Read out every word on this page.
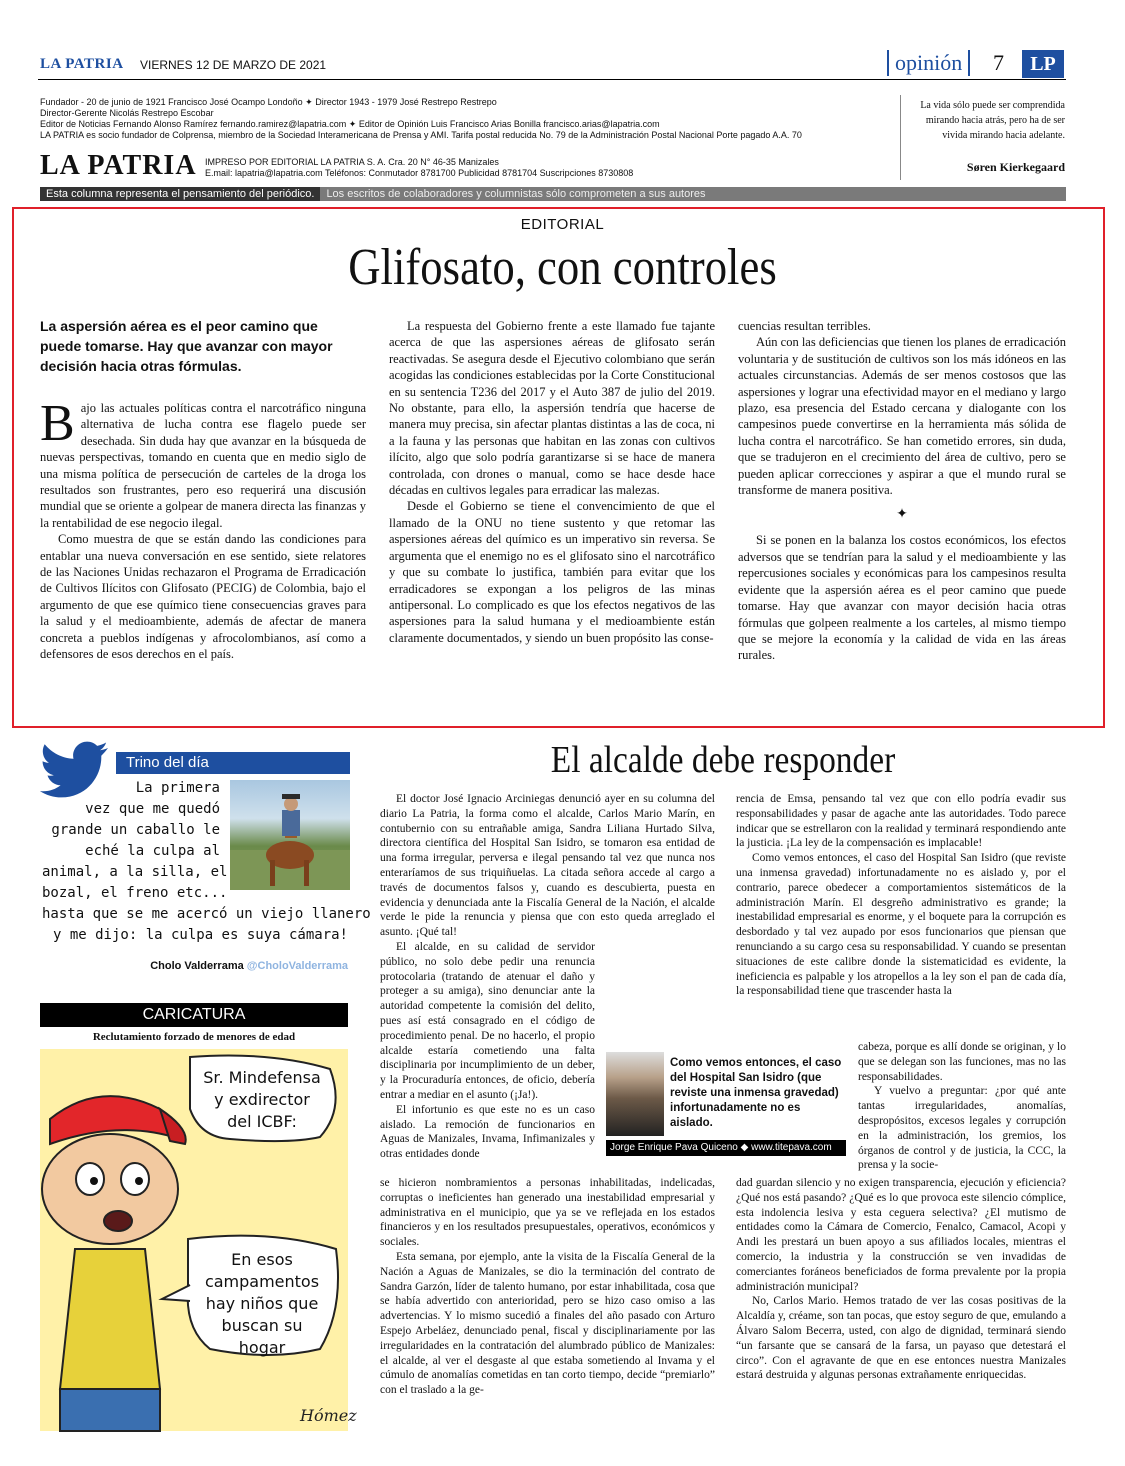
LA PATRIA VIERNES 12 DE MARZO DE 2021	opinión	7	LP
Fundador - 20 de junio de 1921 Francisco José Ocampo Londoño ✦ Director 1943 - 1979 José Restrepo Restrepo
Director-Gerente Nicolás Restrepo Escobar
Editor de Noticias Fernando Alonso Ramírez fernando.ramirez@lapatria.com ✦ Editor de Opinión Luis Francisco Arias Bonilla francisco.arias@lapatria.com
LA PATRIA es socio fundador de Colprensa, miembro de la Sociedad Interamericana de Prensa y AMI. Tarifa postal reducida No. 79 de la Administración Postal Nacional Porte pagado A.A. 70
LA PATRIA IMPRESO POR EDITORIAL LA PATRIA S. A. Cra. 20 N° 46-35 Manizales
E.mail: lapatria@lapatria.com Teléfonos: Conmutador 8781700 Publicidad 8781704 Suscripciones 8730808
La vida sólo puede ser comprendida mirando hacia atrás, pero ha de ser vivida mirando hacia adelante.
Søren Kierkegaard
Esta columna representa el pensamiento del periódico. Los escritos de colaboradores y columnistas sólo comprometen a sus autores
EDITORIAL
Glifosato, con controles
La aspersión aérea es el peor camino que puede tomarse. Hay que avanzar con mayor decisión hacia otras fórmulas.

Bajo las actuales políticas contra el narcotráfico ninguna alternativa de lucha contra ese flagelo puede ser desechada. Sin duda hay que avanzar en la búsqueda de nuevas perspectivas, tomando en cuenta que en medio siglo de una misma política de persecución de carteles de la droga los resultados son frustrantes, pero eso requerirá una discusión mundial que se oriente a golpear de manera directa las finanzas y la rentabilidad de ese negocio ilegal.

Como muestra de que se están dando las condiciones para entablar una nueva conversación en ese sentido, siete relatores de las Naciones Unidas rechazaron el Programa de Erradicación de Cultivos Ilícitos con Glifosato (PECIG) de Colombia, bajo el argumento de que ese químico tiene consecuencias graves para la salud y el medioambiente, además de afectar de manera concreta a pueblos indígenas y afrocolombianos, así como a defensores de esos derechos en el país.

La respuesta del Gobierno frente a este llamado fue tajante acerca de que las aspersiones aéreas de glifosato serán reactivadas. Se asegura desde el Ejecutivo colombiano que serán acogidas las condiciones establecidas por la Corte Constitucional en su sentencia T236 del 2017 y el Auto 387 de julio del 2019. No obstante, para ello, la aspersión tendría que hacerse de manera muy precisa, sin afectar plantas distintas a las de coca, ni a la fauna y las personas que habitan en las zonas con cultivos ilícito, algo que solo podría garantizarse si se hace de manera controlada, con drones o manual, como se hace desde hace décadas en cultivos legales para erradicar las malezas.

Desde el Gobierno se tiene el convencimiento de que el llamado de la ONU no tiene sustento y que retomar las aspersiones aéreas del químico es un imperativo sin reversa. Se argumenta que el enemigo no es el glifosato sino el narcotráfico y que su combate lo justifica, también para evitar que los erradicadores se expongan a los peligros de las minas antipersonal. Lo complicado es que los efectos negativos de las aspersiones para la salud humana y el medioambiente están claramente documentados, y siendo un buen propósito las conse-

cuencias resultan terribles.

Aún con las deficiencias que tienen los planes de erradicación voluntaria y de sustitución de cultivos son los más idóneos en las actuales circunstancias. Además de ser menos costosos que las aspersiones y lograr una efectividad mayor en el mediano y largo plazo, esa presencia del Estado cercana y dialogante con los campesinos puede convertirse en la herramienta más sólida de lucha contra el narcotráfico. Se han cometido errores, sin duda, que se tradujeron en el crecimiento del área de cultivo, pero se pueden aplicar correcciones y aspirar a que el mundo rural se transforme de manera positiva.

✦

Si se ponen en la balanza los costos económicos, los efectos adversos que se tendrían para la salud y el medioambiente y las repercusiones sociales y económicas para los campesinos resulta evidente que la aspersión aérea es el peor camino que puede tomarse. Hay que avanzar con mayor decisión hacia otras fórmulas que golpeen realmente a los carteles, al mismo tiempo que se mejore la economía y la calidad de vida en las áreas rurales.

Trino del día
La primera
vez que me quedó
grande un caballo le
eché la culpa al
animal, a la silla, el
bozal, el freno etc...
hasta que se me acercó un viejo llanero
y me dijo: la culpa es suya cámara!
Cholo Valderrama @CholoValderrama
CARICATURA
Reclutamiento forzado de menores de edad
Sr. Mindefensa
y exdirector
del ICBF:
En esos
campamentos
hay niños que
buscan su
hogar
Hómez
El alcalde debe responder

El doctor José Ignacio Arciniegas denunció ayer en su columna del diario La Patria, la forma como el alcalde, Carlos Mario Marín, en contubernio con su entrañable amiga, Sandra Liliana Hurtado Silva, directora científica del Hospital San Isidro, se tomaron esa entidad de una forma irregular, perversa e ilegal pensando tal vez que nunca nos enteraríamos de sus triquiñuelas. La citada señora accede al cargo a través de documentos falsos y, cuando es descubierta, puesta en evidencia y denunciada ante la Fiscalía General de la Nación, el alcalde verde le pide la renuncia y piensa que con esto queda arreglado el asunto. ¡Qué tal!

El alcalde, en su calidad de servidor público, no solo debe pedir una renuncia protocolaria (tratando de atenuar el daño y proteger a su amiga), sino denunciar ante la autoridad competente la comisión del delito, pues así está consagrado en el código de procedimiento penal. De no hacerlo, el propio alcalde estaría cometiendo una falta disciplinaria por incumplimiento de un deber, y la Procuraduría entonces, de oficio, debería entrar a mediar en el asunto (¡Ja!).

El infortunio es que este no es un caso aislado. La remoción de funcionarios en Aguas de Manizales, Invama, Infimanizales y otras entidades donde

se hicieron nombramientos a personas inhabilitadas, indelicadas, corruptas o ineficientes han generado una inestabilidad empresarial y administrativa en el municipio, que ya se ve reflejada en los estados financieros y en los resultados presupuestales, operativos, económicos y sociales.

Esta semana, por ejemplo, ante la visita de la Fiscalía General de la Nación a Aguas de Manizales, se dio la terminación del contrato de Sandra Garzón, líder de talento humano, por estar inhabilitada, cosa que se había advertido con anterioridad, pero se hizo caso omiso a las advertencias. Y lo mismo sucedió a finales del año pasado con Arturo Espejo Arbeláez, denunciado penal, fiscal y disciplinariamente por las irregularidades en la contratación del alumbrado público de Manizales: el alcalde, al ver el desgaste al que estaba sometiendo al Invama y el cúmulo de anomalías cometidas en tan corto tiempo, decide “premiarlo” con el traslado a la ge-

rencia de Emsa, pensando tal vez que con ello podría evadir sus responsabilidades y pasar de agache ante las autoridades. Todo parece indicar que se estrellaron con la realidad y terminará respondiendo ante la justicia. ¡La ley de la compensación es implacable!

Como vemos entonces, el caso del Hospital San Isidro (que reviste una inmensa gravedad) infortunadamente no es aislado y, por el contrario, parece obedecer a comportamientos sistemáticos de la administración Marín. El desgreño administrativo es grande; la inestabilidad empresarial es enorme, y el boquete para la corrupción es desbordado y tal vez aupado por esos funcionarios que piensan que renunciando a su cargo cesa su responsabilidad. Y cuando se presentan situaciones de este calibre donde la sistematicidad es evidente, la ineficiencia es palpable y los atropellos a la ley son el pan de cada día, la responsabilidad tiene que trascender hasta la

cabeza, porque es allí donde se originan, y lo que se delegan son las funciones, mas no las responsabilidades.

Y vuelvo a preguntar: ¿por qué ante tantas irregularidades, anomalías, despropósitos, excesos legales y corrupción en la administración, los gremios, los órganos de control y de justicia, la CCC, la prensa y la socie-

dad guardan silencio y no exigen transparencia, ejecución y eficiencia? ¿Qué nos está pasando? ¿Qué es lo que provoca este silencio cómplice, esta indolencia lesiva y esta ceguera selectiva? ¿El mutismo de entidades como la Cámara de Comercio, Fenalco, Camacol, Acopi y Andi les prestará un buen apoyo a sus afiliados locales, mientras el comercio, la industria y la construcción se ven invadidas de comerciantes foráneos beneficiados de forma prevalente por la propia administración municipal?

No, Carlos Mario. Hemos tratado de ver las cosas positivas de la Alcaldía y, créame, son tan pocas, que estoy seguro de que, emulando a Álvaro Salom Becerra, usted, con algo de dignidad, terminará siendo “un farsante que se cansará de la farsa, un payaso que detestará el circo”. Con el agravante de que en ese entonces nuestra Manizales estará destruida y algunas personas extrañamente enriquecidas.

Como vemos entonces, el caso del Hospital San Isidro (que reviste una inmensa gravedad) infortunadamente no es aislado.
Jorge Enrique Pava Quiceno ◆ www.titepava.com
